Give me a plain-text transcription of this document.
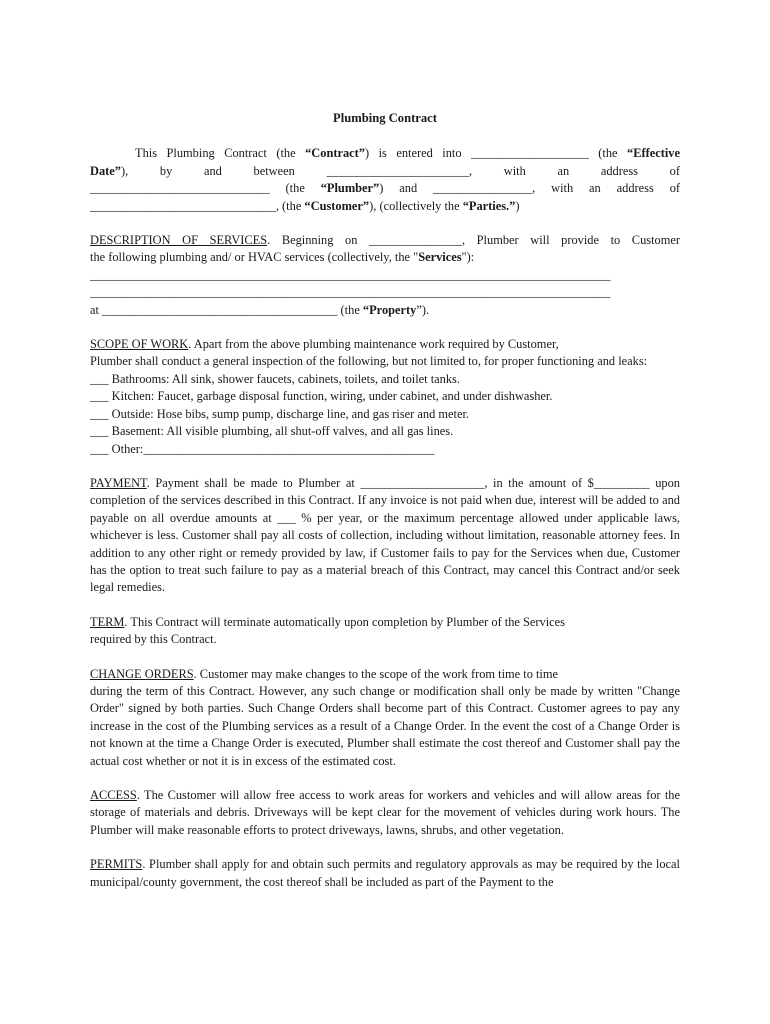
Plumbing Contract

This Plumbing Contract (the “Contract”) is entered into ___________________ (the “Effective

Date”), by and between _______________________, with an address of

_____________________________ (the “Plumber”) and ________________, with an address of

______________________________, (the “Customer”), (collectively the “Parties.”)

DESCRIPTION OF SERVICES. Beginning on _______________, Plumber will provide to Customer

the following plumbing and/ or HVAC services (collectively, the "Services"):

____________________________________________________________________________________

____________________________________________________________________________________

at ______________________________________ (the “Property”).

SCOPE OF WORK. Apart from the above plumbing maintenance work required by Customer,

Plumber shall conduct a general inspection of the following, but not limited to, for proper functioning and leaks:

___ Bathrooms: All sink, shower faucets, cabinets, toilets, and toilet tanks.

___ Kitchen: Faucet, garbage disposal function, wiring, under cabinet, and under dishwasher.

___ Outside: Hose bibs, sump pump, discharge line, and gas riser and meter.

___ Basement: All visible plumbing, all shut-off valves, and all gas lines.

___ Other:_______________________________________________

PAYMENT. Payment shall be made to Plumber at ____________________, in the amount of $_________ upon completion of the services described in this Contract. If any invoice is not paid when due, interest will be added to and payable on all overdue amounts at ___ % per year, or the maximum percentage allowed under applicable laws, whichever is less. Customer shall pay all costs of collection, including without limitation, reasonable attorney fees. In addition to any other right or remedy provided by law, if Customer fails to pay for the Services when due, Customer has the option to treat such failure to pay as a material breach of this Contract, may cancel this Contract and/or seek legal remedies.

TERM. This Contract will terminate automatically upon completion by Plumber of the Services

required by this Contract.

CHANGE ORDERS. Customer may make changes to the scope of the work from time to time

during the term of this Contract. However, any such change or modification shall only be made by written "Change Order" signed by both parties. Such Change Orders shall become part of this Contract. Customer agrees to pay any increase in the cost of the Plumbing services as a result of a Change Order. In the event the cost of a Change Order is not known at the time a Change Order is executed, Plumber shall estimate the cost thereof and Customer shall pay the actual cost whether or not it is in excess of the estimated cost.

ACCESS. The Customer will allow free access to work areas for workers and vehicles and will allow areas for the storage of materials and debris. Driveways will be kept clear for the movement of vehicles during work hours. The Plumber will make reasonable efforts to protect driveways, lawns, shrubs, and other vegetation.

PERMITS. Plumber shall apply for and obtain such permits and regulatory approvals as may be required by the local municipal/county government, the cost thereof shall be included as part of the Payment to the
